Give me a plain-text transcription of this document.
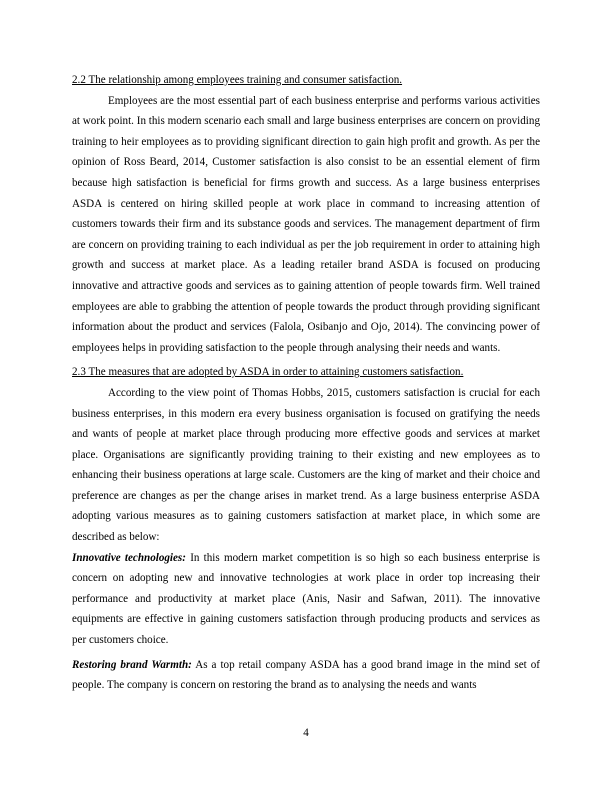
2.2 The relationship among employees training and consumer satisfaction.

Employees are the most essential part of each business enterprise and performs various activities at work point. In this modern scenario each small and large business enterprises are concern on providing training to heir employees as to providing significant direction to gain high profit and growth. As per the opinion of Ross Beard, 2014, Customer satisfaction is also consist to be an essential element of firm because high satisfaction is beneficial for firms growth and success. As a large business enterprises ASDA is centered on hiring skilled people at work place in command to increasing attention of customers towards their firm and its substance goods and services. The management department of firm are concern on providing training to each individual as per the job requirement in order to attaining high growth and success at market place. As a leading retailer brand ASDA is focused on producing innovative and attractive goods and services as to gaining attention of people towards firm. Well trained employees are able to grabbing the attention of people towards the product through providing significant information about the product and services (Falola, Osibanjo and Ojo, 2014). The convincing power of employees helps in providing satisfaction to the people through analysing their needs and wants.

2.3 The measures that are adopted by ASDA in order to attaining customers satisfaction.

According to the view point of Thomas Hobbs, 2015, customers satisfaction is crucial for each business enterprises, in this modern era every business organisation is focused on gratifying the needs and wants of people at market place through producing more effective goods and services at market place. Organisations are significantly providing training to their existing and new employees as to enhancing their business operations at large scale. Customers are the king of market and their choice and preference are changes as per the change arises in market trend. As a large business enterprise ASDA adopting various measures as to gaining customers satisfaction at market place, in which some are described as below:

Innovative technologies: In this modern market competition is so high so each business enterprise is concern on adopting new and innovative technologies at work place in order top increasing their performance and productivity at market place (Anis, Nasir and Safwan, 2011). The innovative equipments are effective in gaining customers satisfaction through producing products and services as per customers choice.

Restoring brand Warmth: As a top retail company ASDA has a good brand image in the mind set of people. The company is concern on restoring the brand as to analysing the needs and wants

4
